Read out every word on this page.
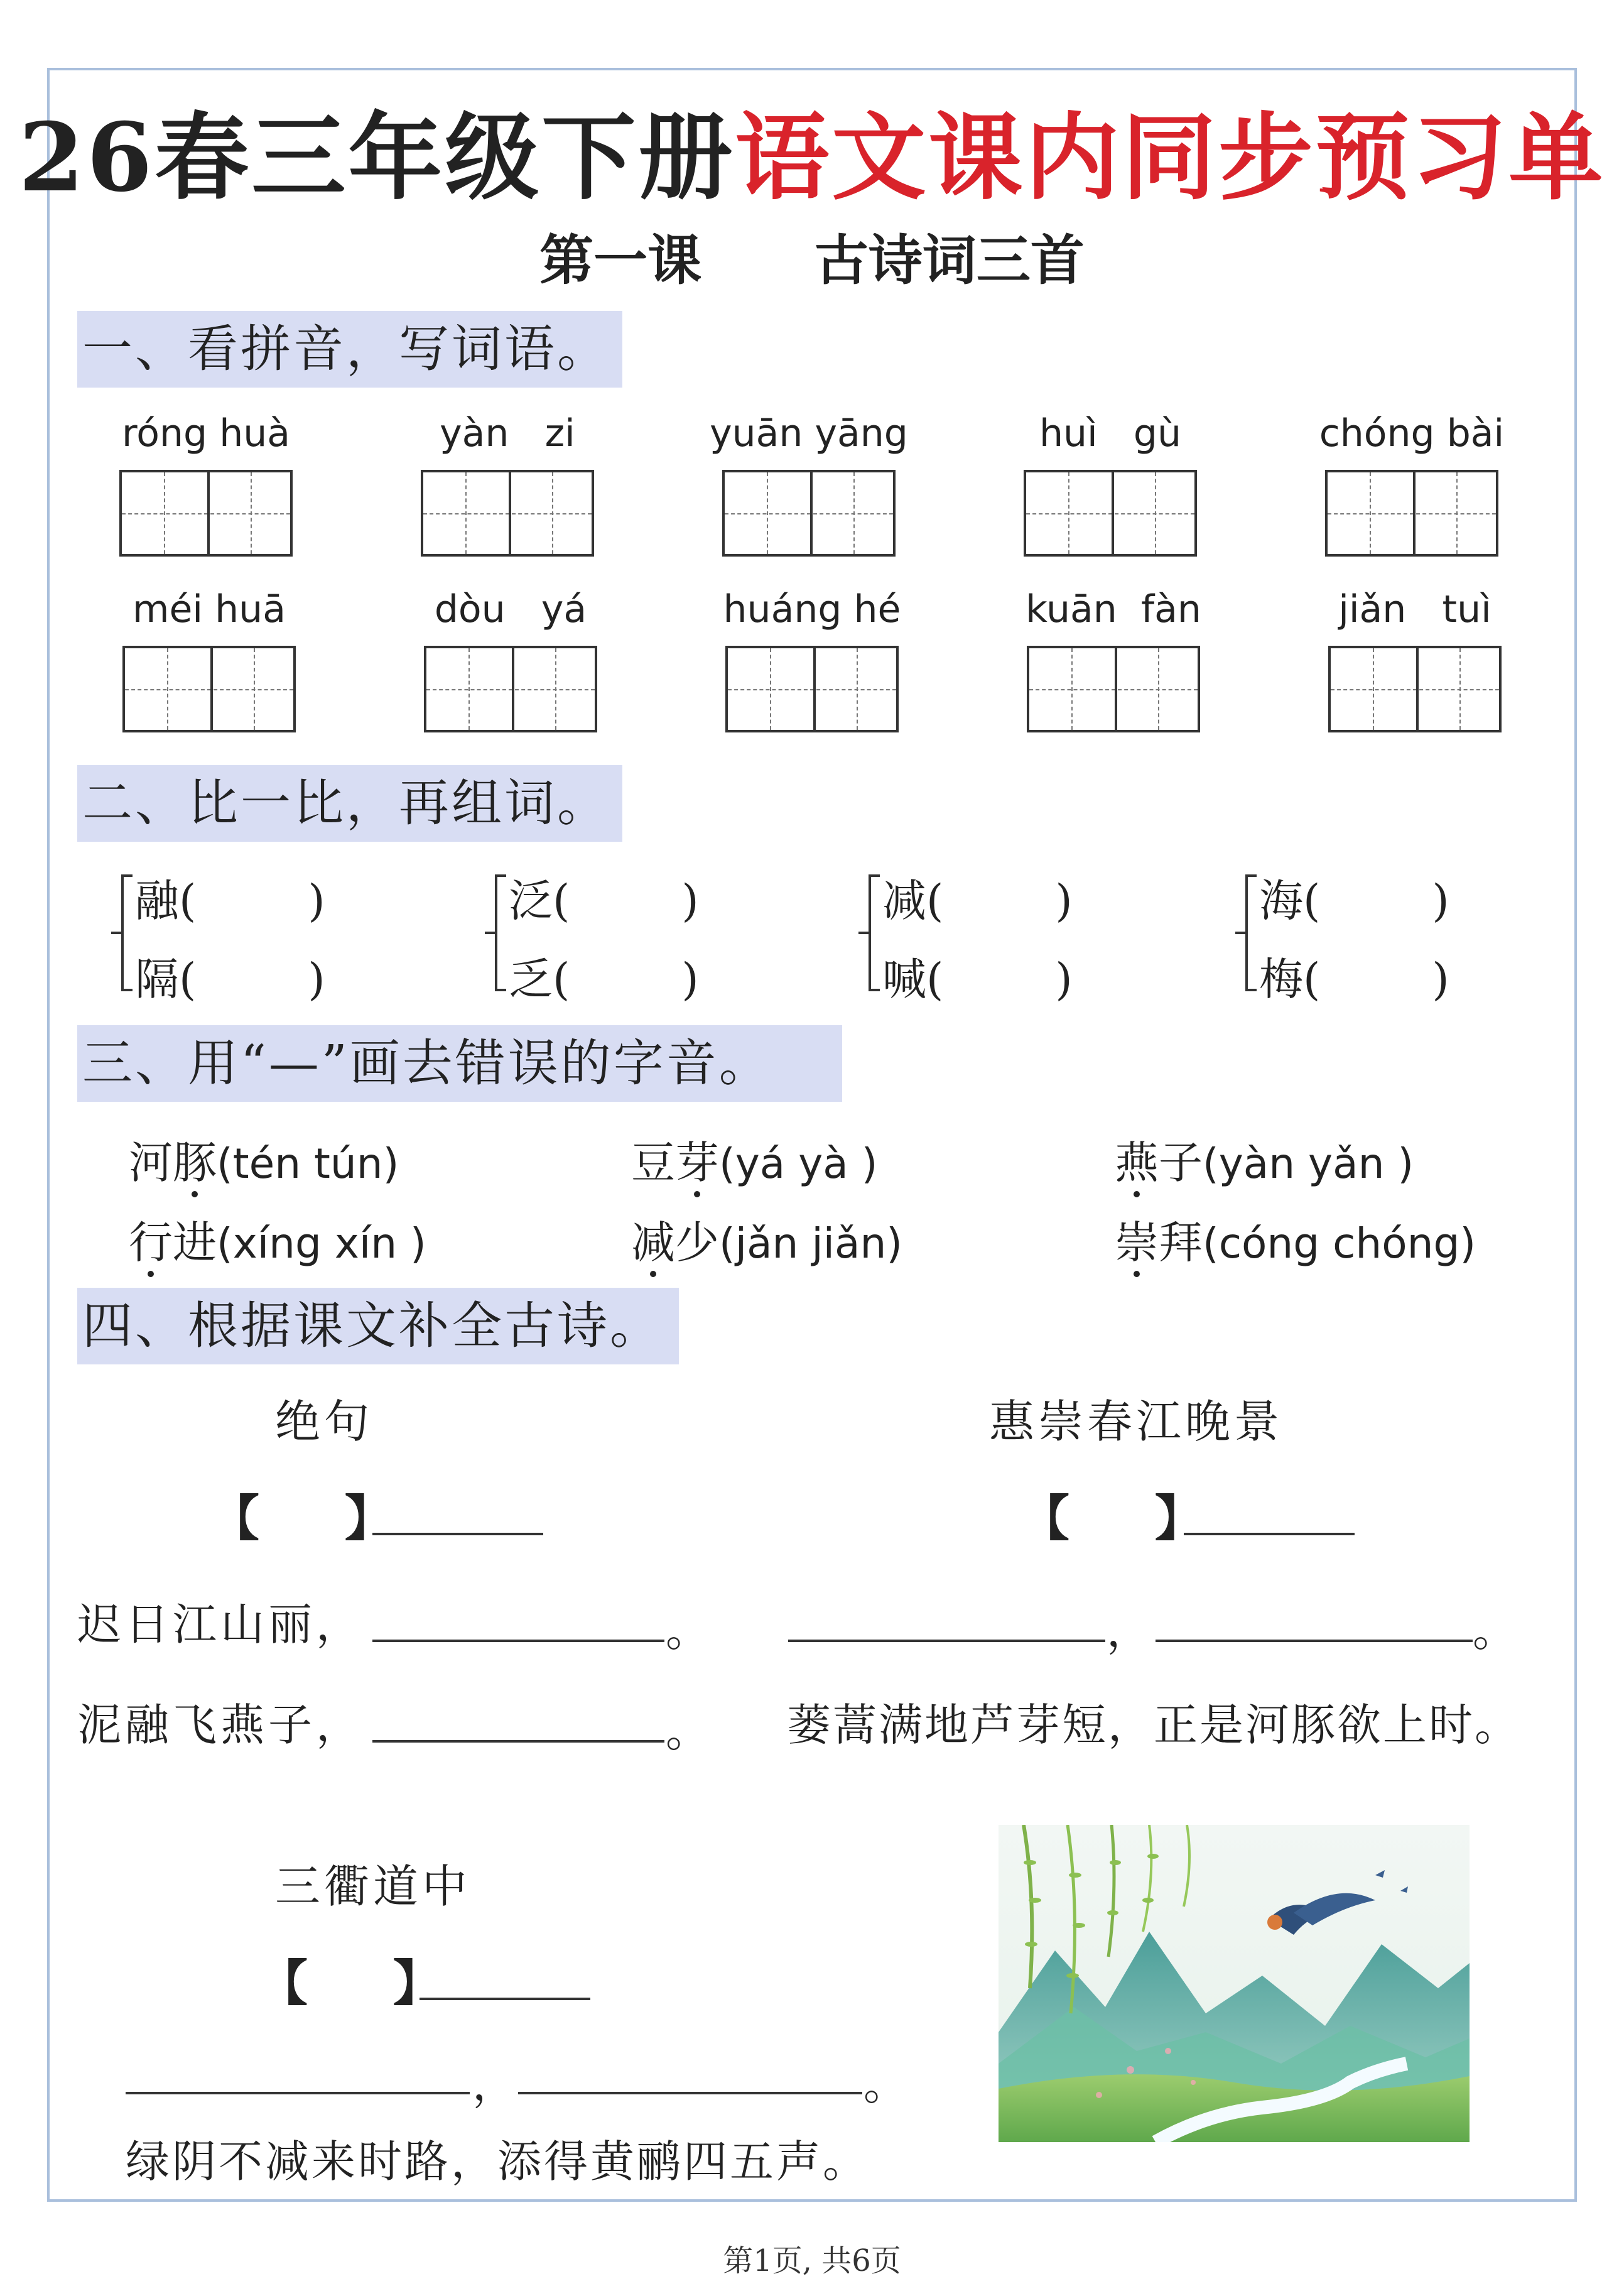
26春三年级下册语文课内同步预习单
第一课      古诗词三首
一、看拼音，写词语。
róng huà	yàn   zi	yuān yāng	huì   gù	chóng bài
méi huā	dòu   yá	huáng hé	kuān  fàn	jiǎn   tuì
二、比一比，再组词。
融(        )
隔(        )
泛(        )
乏(        )
减(        )
喊(        )
海(        )
梅(        )
三、用“—”画去错误的字音。
河豚(tén tún)	豆芽(yá yà )	燕子(yàn yǎn )
行进(xíng xín )	减少(jǎn jiǎn)	崇拜(cóng chóng)
四、根据课文补全古诗。
绝句
【     】
迟日江山丽，	。
泥融飞燕子，	。
惠崇春江晚景
【     】
，	。
蒌蒿满地芦芽短，正是河豚欲上时。
三衢道中
【     】
，	。
绿阴不减来时路，添得黄鹂四五声。
第1页, 共6页
